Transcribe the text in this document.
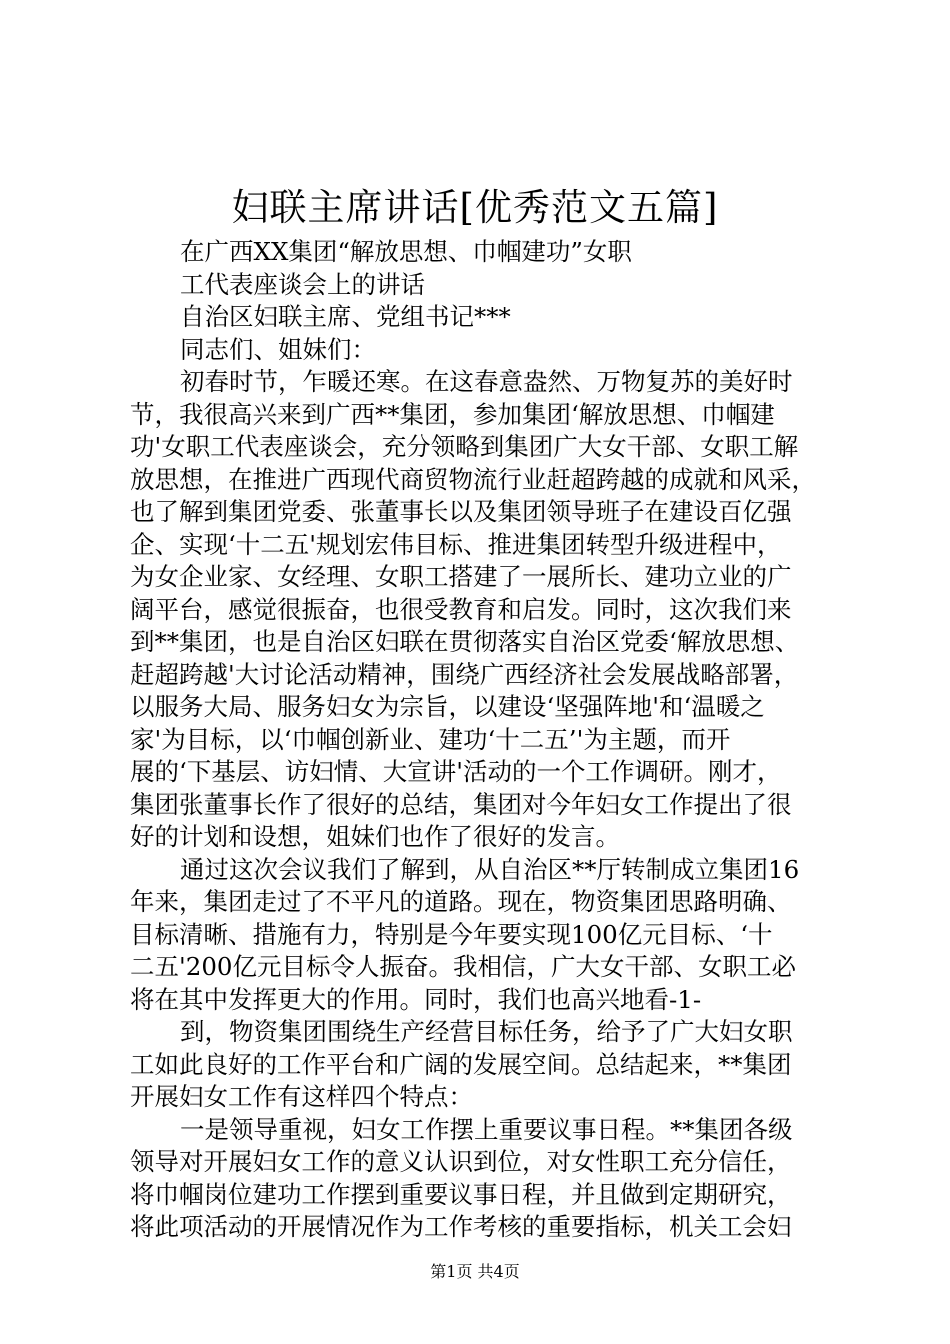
妇联主席讲话[优秀范文五篇]
在广西XX集团“解放思想、巾帼建功”女职
工代表座谈会上的讲话
自治区妇联主席、党组书记***
同志们、姐妹们：
初春时节，乍暖还寒。在这春意盎然、万物复苏的美好时
节，我很高兴来到广西**集团，参加集团‘解放思想、巾帼建
功'女职工代表座谈会，充分领略到集团广大女干部、女职工解
放思想，在推进广西现代商贸物流行业赶超跨越的成就和风采，
也了解到集团党委、张董事长以及集团领导班子在建设百亿强
企、实现‘十二五'规划宏伟目标、推进集团转型升级进程中，
为女企业家、女经理、女职工搭建了一展所长、建功立业的广
阔平台，感觉很振奋，也很受教育和启发。同时，这次我们来
到**集团，也是自治区妇联在贯彻落实自治区党委‘解放思想、
赶超跨越'大讨论活动精神，围绕广西经济社会发展战略部署，
以服务大局、服务妇女为宗旨，以建设‘坚强阵地'和‘温暖之
家'为目标，以‘巾帼创新业、建功‘十二五’'为主题，而开
展的‘下基层、访妇情、大宣讲'活动的一个工作调研。刚才，
集团张董事长作了很好的总结，集团对今年妇女工作提出了很
好的计划和设想，姐妹们也作了很好的发言。
通过这次会议我们了解到，从自治区**厅转制成立集团16
年来，集团走过了不平凡的道路。现在，物资集团思路明确、
目标清晰、措施有力，特别是今年要实现100亿元目标、‘十
二五'200亿元目标令人振奋。我相信，广大女干部、女职工必
将在其中发挥更大的作用。同时，我们也高兴地看-1-
到，物资集团围绕生产经营目标任务，给予了广大妇女职
工如此良好的工作平台和广阔的发展空间。总结起来，**集团
开展妇女工作有这样四个特点：
一是领导重视，妇女工作摆上重要议事日程。**集团各级
领导对开展妇女工作的意义认识到位，对女性职工充分信任，
将巾帼岗位建功工作摆到重要议事日程，并且做到定期研究，
将此项活动的开展情况作为工作考核的重要指标，机关工会妇
第1页 共4页
